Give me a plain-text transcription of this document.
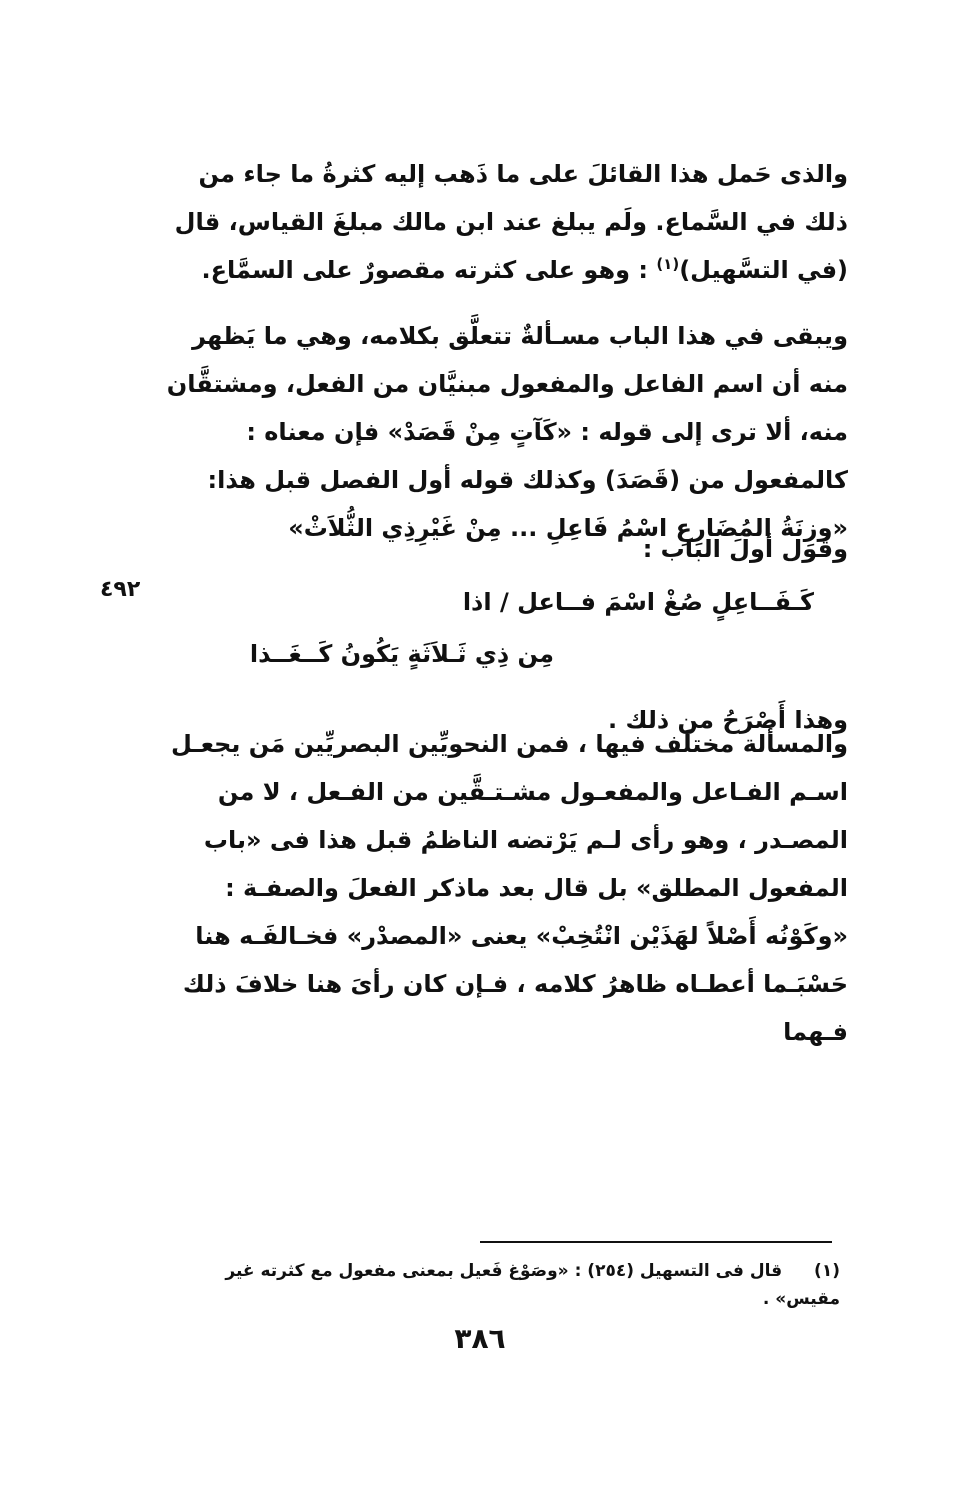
والذى حَمل هذا القائلَ على ما ذَهب إليه كثرةُ ما جاء من ذلك في السَّماع. ولَم يبلغ عند ابن مالك مبلغَ القياس، قال (في التسَّهيل)$^{(١)}$ : وهو على كثرته مقصورٌ على السمَّاع.
ويبقى في هذا الباب مسـألةٌ تتعلَّق بكلامه، وهي ما يَظهر منه أن اسم الفاعل والمفعول مبنيَّان من الفعل، ومشتقَّان منه، ألا ترى إلى قوله : «كَآتٍ مِنْ قَصَدْ» فإن معناه : كالمفعول من (قَصَدَ) وكذلك قوله أول الفصل قبل هذا: «وزِنَةُ المُضَارِعِ اسْمُ فَاعِلِ ... مِنْ غَيْرِذِي الثُّلاَثْ»
وقول أولَ الباب :
كَـفَــاعِلٍ صُغْ اسْمَ فــاعل / اذا
٤٩٢
مِن ذِي ثَـلاَثَةٍ يَكُونُ كَــغَــذا
وهذا أَصْرَحُ من ذلك .
والمسألة مختلَف فيها ، فمن النحويِّين البصريِّين مَن يجعـل اسـم الفـاعل والمفعـول مشـتـقَّين من الفـعل ، لا من المصـدر ، وهو رأى لـم يَرْتضه الناظمُ قبل هذا فى «باب المفعول المطلق» بل قال بعد ماذكر الفعلَ والصفـة : «وكَوْنُه أَصْلاً لهَذَيْن انْتُخِبْ» يعنى «المصدْر» فخـالفَـه هنا حَسْبَـما أعطـاه ظاهرُ كلامه ، فـإن كان رأىَ هنا خلافَ ذلك فـهما
(١) قال فى التسهيل (٢٥٤) : «وصَوْغ فَعيل بمعنى مفعول مع كثرته غير مقيس» .
٣٨٦
